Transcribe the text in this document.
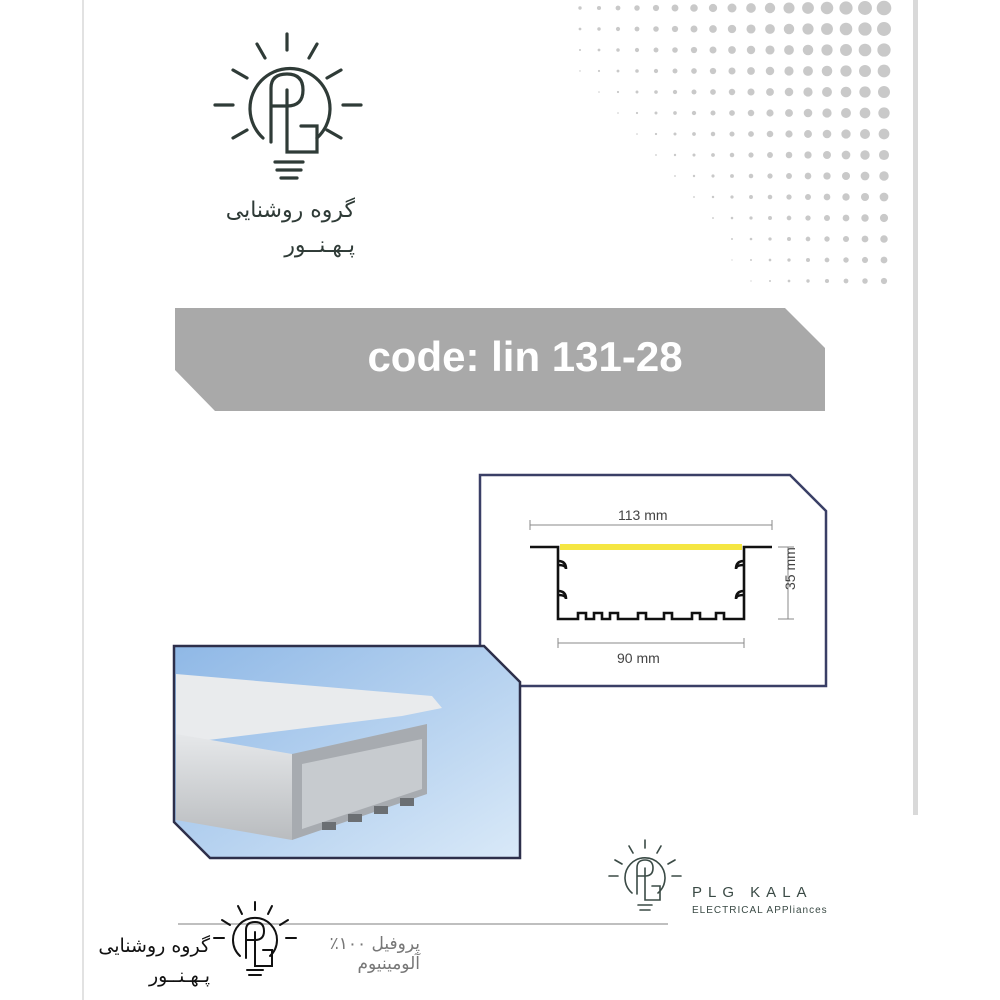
گروه روشنایی
پـهـنــور
code: lin 131-28
113 mm
90 mm
35 mm
PLG KALA
ELECTRICAL APPliances
پروفیل ۱۰۰٪ آلومینیوم
گروه روشنایی
پـهـنــور
